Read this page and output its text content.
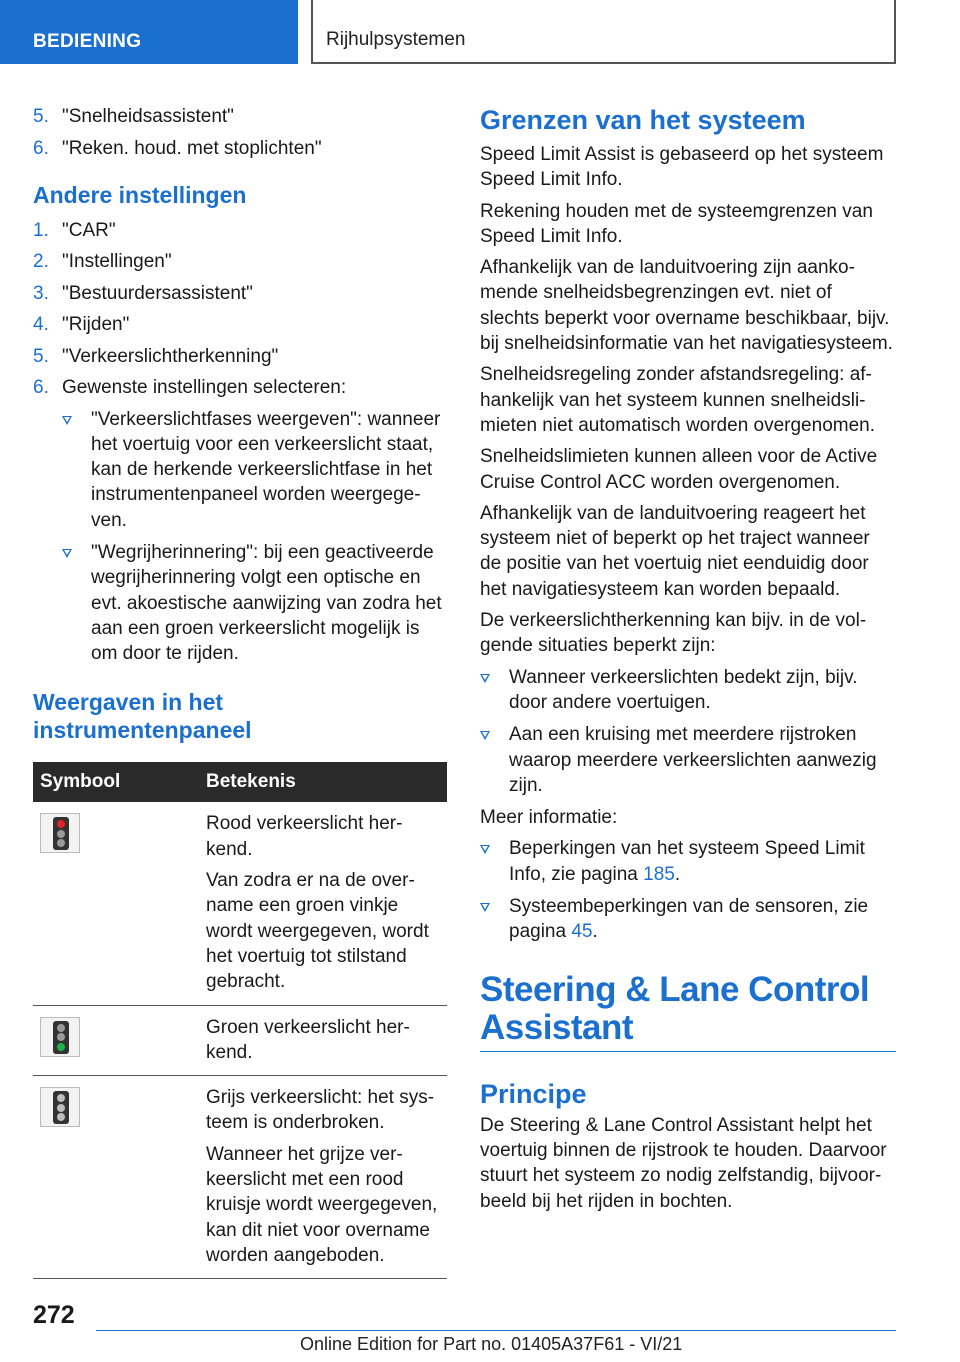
BEDIENING	Rijhulpsystemen
5. "Snelheidsassistent"
6. "Reken. houd. met stoplichten"
Andere instellingen
1. "CAR"
2. "Instellingen"
3. "Bestuurdersassistent"
4. "Rijden"
5. "Verkeerslichtherkenning"
6. Gewenste instellingen selecteren:
"Verkeerslichtfases weergeven": wanneer het voertuig voor een verkeerslicht staat, kan de herkende verkeerslichtfase in het instrumentenpaneel worden weergege-ven.
"Wegrijherinnering": bij een geactiveerde wegrijherinnering volgt een optische en evt. akoestische aanwijzing van zodra het aan een groen verkeerslicht mogelijk is om door te rijden.
Weergaven in het
instrumentenpaneel
Symbool	Betekenis

	Rood verkeerslicht her-kend.
Van zodra er na de over-name een groen vinkje wordt weergegeven, wordt het voertuig tot stilstand gebracht.

	Groen verkeerslicht her-kend.

	Grijs verkeerslicht: het sys-teem is onderbroken.
Wanneer het grijze ver-keerslicht met een rood kruisje wordt weergegeven, kan dit niet voor overname worden aangeboden.
Grenzen van het systeem

Speed Limit Assist is gebaseerd op het systeem Speed Limit Info.

Rekening houden met de systeemgrenzen van Speed Limit Info.

Afhankelijk van de landuitvoering zijn aanko-mende snelheidsbegrenzingen evt. niet of slechts beperkt voor overname beschikbaar, bijv. bij snelheidsinformatie van het navigatiesysteem.

Snelheidsregeling zonder afstandsregeling: af-hankelijk van het systeem kunnen snelheidsli-mieten niet automatisch worden overgenomen.

Snelheidslimieten kunnen alleen voor de Active Cruise Control ACC worden overgenomen.

Afhankelijk van de landuitvoering reageert het systeem niet of beperkt op het traject wanneer de positie van het voertuig niet eenduidig door het navigatiesysteem kan worden bepaald.

De verkeerslichtherkenning kan bijv. in de vol-gende situaties beperkt zijn:

Wanneer verkeerslichten bedekt zijn, bijv. door andere voertuigen.
Aan een kruising met meerdere rijstroken waarop meerdere verkeerslichten aanwezig zijn.

Meer informatie:

Beperkingen van het systeem Speed Limit Info, zie pagina 185.
Systeembeperkingen van de sensoren, zie pagina 45.
Steering & Lane Control
Assistant
Principe

De Steering & Lane Control Assistant helpt het voertuig binnen de rijstrook te houden. Daarvoor stuurt het systeem zo nodig zelfstandig, bijvoor-beeld bij het rijden in bochten.

272
Online Edition for Part no. 01405A37F61 - VI/21
